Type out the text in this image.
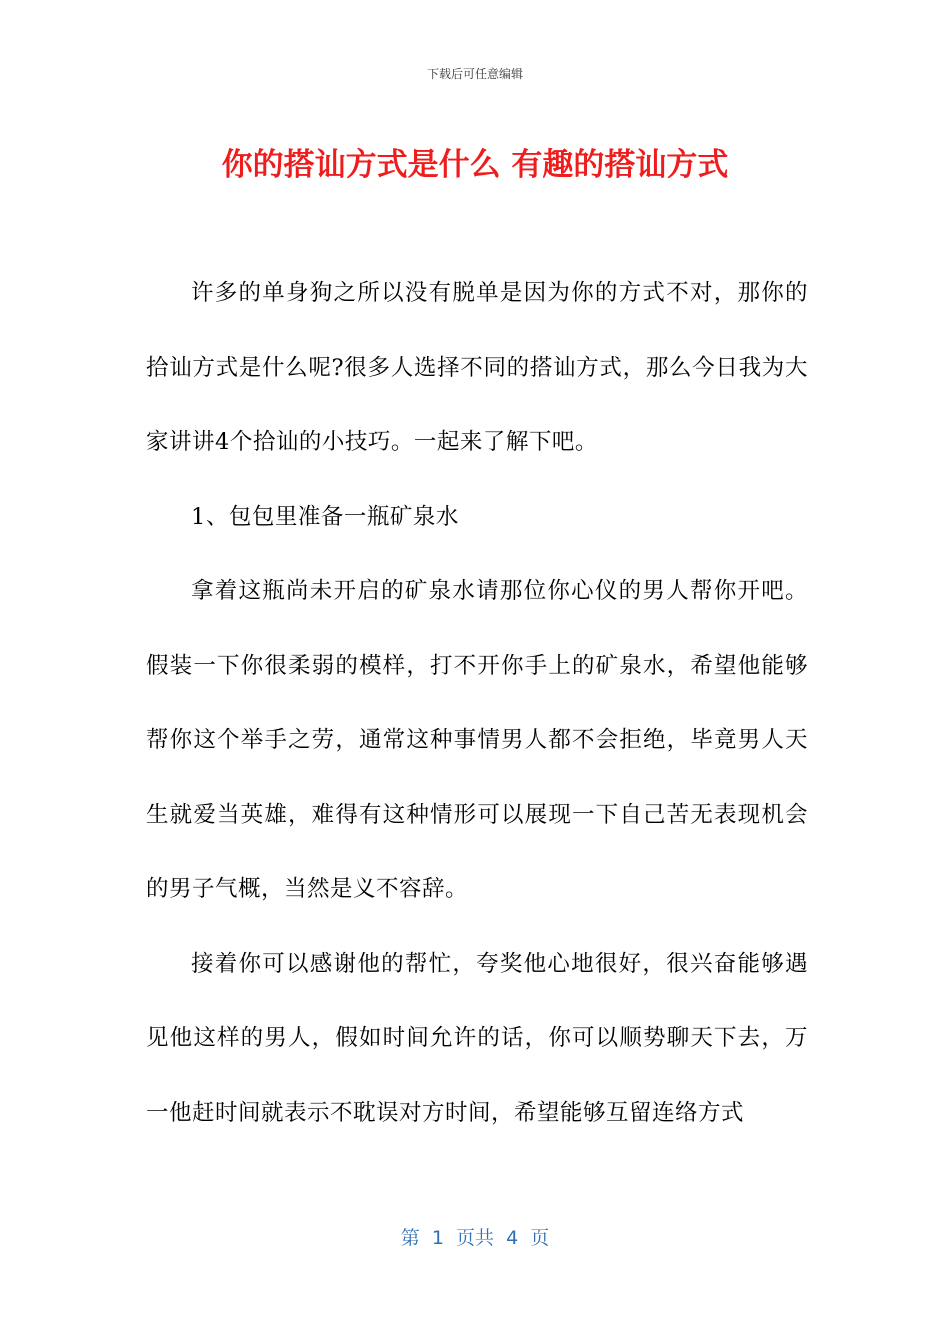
下载后可任意编辑
你的搭讪方式是什么 有趣的搭讪方式

许多的单身狗之所以没有脱单是因为你的方式不对，那你的拾讪方式是什么呢?很多人选择不同的搭讪方式，那么今日我为大家讲讲4个拾讪的小技巧。一起来了解下吧。

1、包包里准备一瓶矿泉水

拿着这瓶尚未开启的矿泉水请那位你心仪的男人帮你开吧。假装一下你很柔弱的模样，打不开你手上的矿泉水，希望他能够帮你这个举手之劳，通常这种事情男人都不会拒绝，毕竟男人天生就爱当英雄，难得有这种情形可以展现一下自己苦无表现机会的男子气概，当然是义不容辞。

接着你可以感谢他的帮忙，夸奖他心地很好，很兴奋能够遇见他这样的男人，假如时间允许的话，你可以顺势聊天下去，万一他赶时间就表示不耽误对方时间，希望能够互留连络方式

第  1  页共  4  页
